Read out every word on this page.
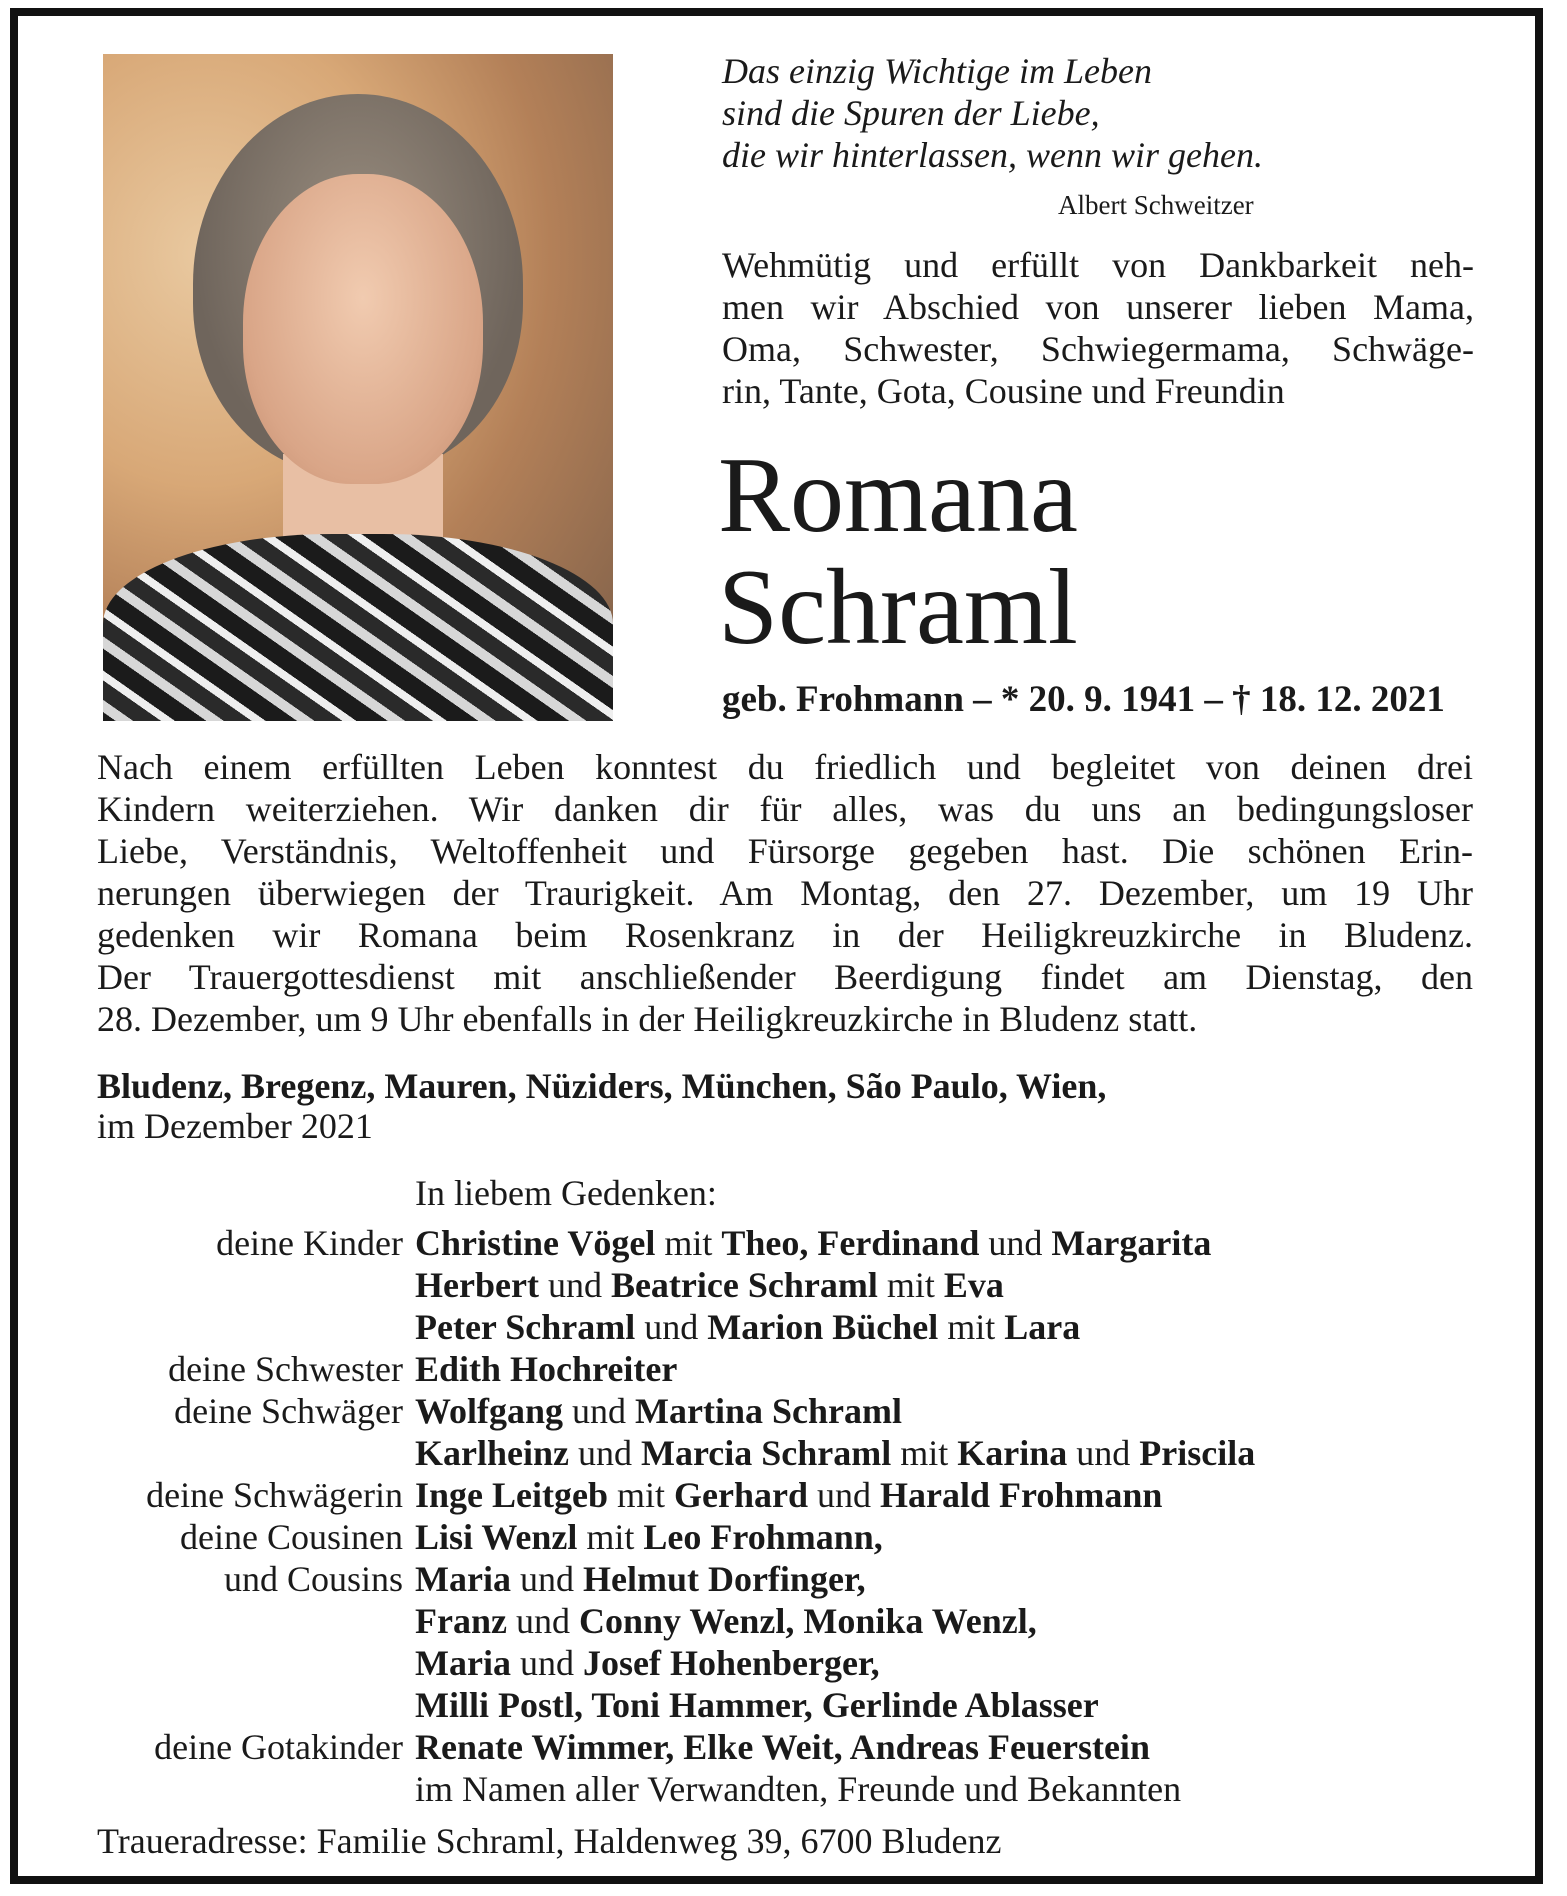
Das einzig Wichtige im Leben
sind die Spuren der Liebe,
die wir hinterlassen, wenn wir gehen.
Albert Schweitzer
Wehmütig und erfüllt von Dankbarkeit neh-
men wir Abschied von unserer lieben Mama,
Oma, Schwester, Schwiegermama, Schwäge-
rin, Tante, Gota, Cousine und Freundin
Romana
Schraml
geb. Frohmann – * 20. 9. 1941 – † 18. 12. 2021
Nach einem erfüllten Leben konntest du friedlich und begleitet von deinen drei
Kindern weiterziehen. Wir danken dir für alles, was du uns an bedingungsloser
Liebe, Verständnis, Weltoffenheit und Fürsorge gegeben hast. Die schönen Erin-
nerungen überwiegen der Traurigkeit. Am Montag, den 27. Dezember, um 19 Uhr
gedenken wir Romana beim Rosenkranz in der Heiligkreuzkirche in Bludenz.
Der Trauergottesdienst mit anschließender Beerdigung findet am Dienstag, den
28. Dezember, um 9 Uhr ebenfalls in der Heiligkreuzkirche in Bludenz statt.
Bludenz, Bregenz, Mauren, Nüziders, München, São Paulo, Wien,
im Dezember 2021
In liebem Gedenken:
deine Kinder Christine Vögel mit Theo, Ferdinand und Margarita
Herbert und Beatrice Schraml mit Eva
Peter Schraml und Marion Büchel mit Lara
deine Schwester Edith Hochreiter
deine Schwäger Wolfgang und Martina Schraml
Karlheinz und Marcia Schraml mit Karina und Priscila
deine Schwägerin Inge Leitgeb mit Gerhard und Harald Frohmann
deine Cousinen Lisi Wenzl mit Leo Frohmann,
und Cousins Maria und Helmut Dorfinger,
Franz und Conny Wenzl, Monika Wenzl,
Maria und Josef Hohenberger,
Milli Postl, Toni Hammer, Gerlinde Ablasser
deine Gotakinder Renate Wimmer, Elke Weit, Andreas Feuerstein
im Namen aller Verwandten, Freunde und Bekannten
Traueradresse: Familie Schraml, Haldenweg 39, 6700 Bludenz
